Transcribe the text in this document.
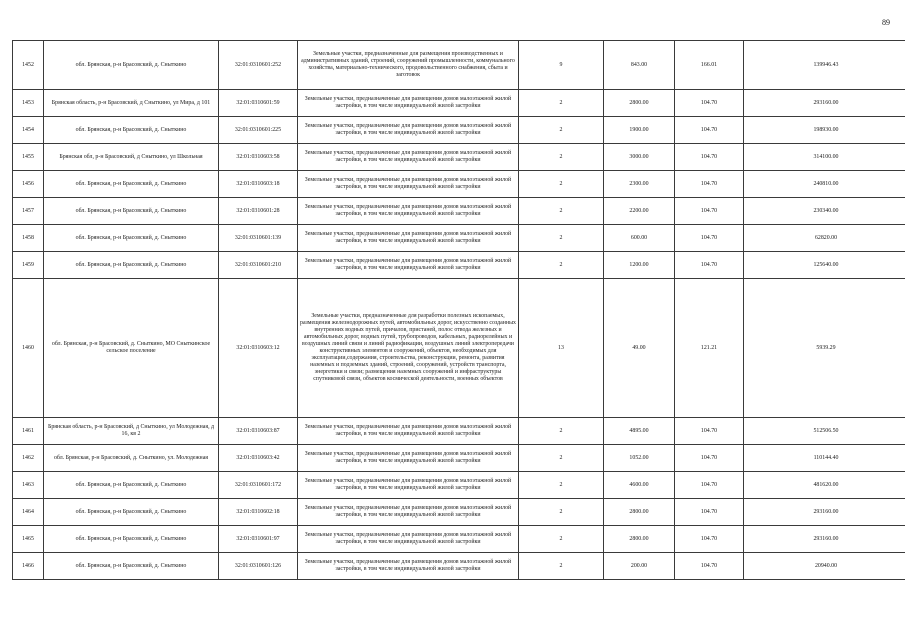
89
1452	обл. Брянская, р-н Брасовский, д. Сныткино	32:01:0310601:252	Земельные участки, предназначенные для размещения производственных и административных зданий, строений, сооружений промышленности, коммунального хозяйства, материально-технического, продовольственного снабжения, сбыта и заготовок	9	843.00	166.01	139946.43
1453	Брянская область, р-н Брасовский, д Сныткино, ул Мира, д 101	32:01:0310601:59	Земельные участки, предназначенные для размещения домов малоэтажной жилой застройки, в том числе индивидуальной жилой застройки	2	2800.00	104.70	293160.00
1454	обл. Брянская, р-н Брасовский, д. Сныткино	32:01:0310601:225	Земельные участки, предназначенные для размещения домов малоэтажной жилой застройки, в том числе индивидуальной жилой застройки	2	1900.00	104.70	198930.00
1455	Брянская обл, р-н Брасовский, д Сныткино, ул Школьная	32:01:0310603:58	Земельные участки, предназначенные для размещения домов малоэтажной жилой застройки, в том числе индивидуальной жилой застройки	2	3000.00	104.70	314100.00
1456	обл. Брянская, р-н Брасовский, д. Сныткино	32:01:0310603:18	Земельные участки, предназначенные для размещения домов малоэтажной жилой застройки, в том числе индивидуальной жилой застройки	2	2300.00	104.70	240810.00
1457	обл. Брянская, р-н Брасовский, д. Сныткино	32:01:0310601:28	Земельные участки, предназначенные для размещения домов малоэтажной жилой застройки, в том числе индивидуальной жилой застройки	2	2200.00	104.70	230340.00
1458	обл. Брянская, р-н Брасовский, д. Сныткино	32:01:0310601:139	Земельные участки, предназначенные для размещения домов малоэтажной жилой застройки, в том числе индивидуальной жилой застройки	2	600.00	104.70	62820.00
1459	обл. Брянская, р-н Брасовский, д. Сныткино	32:01:0310601:210	Земельные участки, предназначенные для размещения домов малоэтажной жилой застройки, в том числе индивидуальной жилой застройки	2	1200.00	104.70	125640.00
1460	обл. Брянская, р-н Брасовский, д. Сныткино, МО Сныткинское сельское поселение	32:01:0310603:12	Земельные участки, предназначенные для разработки полезных ископаемых, размещения железнодорожных путей, автомобильных дорог, искусственно созданных внутренних водных путей, причалов, пристаней, полос отвода железных и автомобильных дорог, водных путей, трубопроводов, кабельных, радиорелейных и воздушных линий связи и линий радиофикации, воздушных линий электропередачи конструктивных элементов и сооружений, объектов, необходимых для эксплуатации,содержания, строительства, реконструкции, ремонта, развития наземных и подземных зданий, строений, сооружений, устройств транспорта, энергетики и связи; размещения наземных сооружений и инфраструктуры спутниковой связи, объектов космической деятельности, военных объектов	13	49.00	121.21	5939.29
1461	Брянская область, р-н Брасовский, д Сныткино, ул Молодежная, д 16, кв 2	32:01:0310603:87	Земельные участки, предназначенные для размещения домов малоэтажной жилой застройки, в том числе индивидуальной жилой застройки	2	4895.00	104.70	512506.50
1462	обл. Брянская, р-н Брасовский, д. Сныткино, ул. Молодежная	32:01:0310603:42	Земельные участки, предназначенные для размещения домов малоэтажной жилой застройки, в том числе индивидуальной жилой застройки	2	1052.00	104.70	110144.40
1463	обл. Брянская, р-н Брасовский, д. Сныткино	32:01:0310601:172	Земельные участки, предназначенные для размещения домов малоэтажной жилой застройки, в том числе индивидуальной жилой застройки	2	4600.00	104.70	481620.00
1464	обл. Брянская, р-н Брасовский, д. Сныткино	32:01:0310602:18	Земельные участки, предназначенные для размещения домов малоэтажной жилой застройки, в том числе индивидуальной жилой застройки	2	2800.00	104.70	293160.00
1465	обл. Брянская, р-н Брасовский, д. Сныткино	32:01:0310601:97	Земельные участки, предназначенные для размещения домов малоэтажной жилой застройки, в том числе индивидуальной жилой застройки	2	2800.00	104.70	293160.00
1466	обл. Брянская, р-н Брасовский, д. Сныткино	32:01:0310601:126	Земельные участки, предназначенные для размещения домов малоэтажной жилой застройки, в том числе индивидуальной жилой застройки	2	200.00	104.70	20940.00
